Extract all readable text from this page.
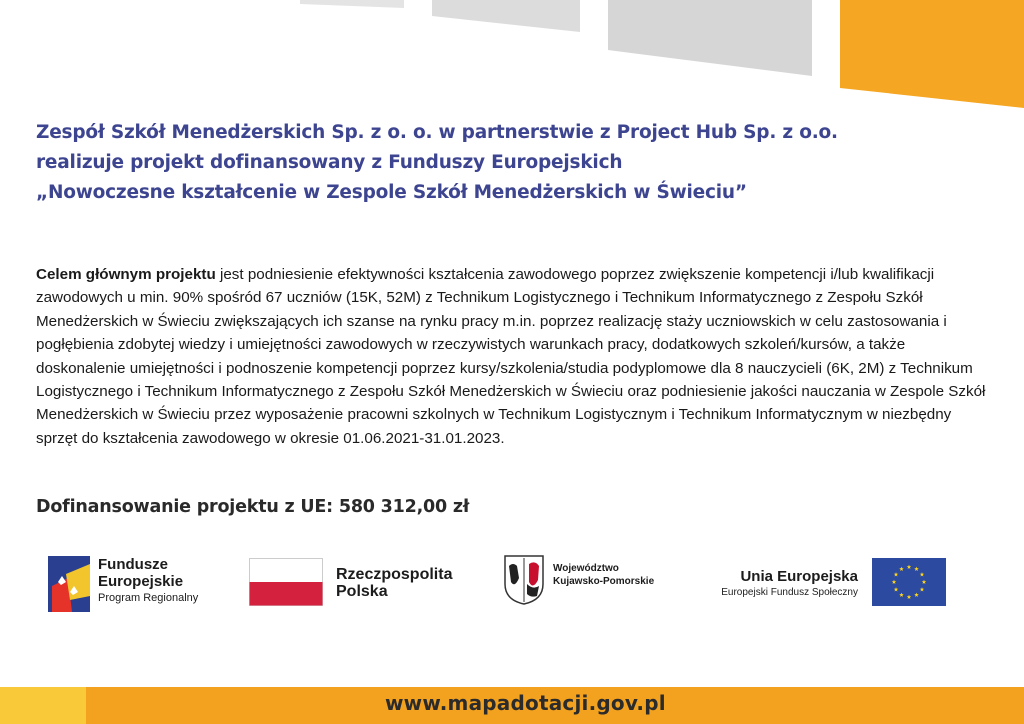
Zespół Szkół Menedżerskich Sp. z o. o. w partnerstwie z Project Hub Sp. z o.o.
realizuje projekt dofinansowany z Funduszy Europejskich
„Nowoczesne kształcenie w Zespole Szkół Menedżerskich w Świeciu”
Celem głównym projektu jest podniesienie efektywności kształcenia zawodowego poprzez zwiększenie kompetencji i/lub kwalifikacji zawodowych u min. 90% spośród 67 uczniów (15K, 52M) z Technikum Logistycznego i Technikum Informatycznego z Zespołu Szkół Menedżerskich w Świeciu zwiększających ich szanse na rynku pracy m.in. poprzez realizację staży uczniowskich w celu zastosowania i pogłębienia zdobytej wiedzy i umiejętności zawodowych w rzeczywistych warunkach pracy, dodatkowych szkoleń/kursów, a także doskonalenie umiejętności i podnoszenie kompetencji poprzez kursy/szkolenia/studia podyplomowe dla 8 nauczycieli (6K, 2M) z Technikum Logistycznego i Technikum Informatycznego z Zespołu Szkół Menedżerskich w Świeciu oraz podniesienie jakości nauczania w Zespole Szkół Menedżerskich w Świeciu przez wyposażenie pracowni szkolnych w Technikum Logistycznym i Technikum Informatycznym w niezbędny sprzęt do kształcenia zawodowego w okresie 01.06.2021-31.01.2023.
Dofinansowanie projektu z UE: 580 312,00 zł
Fundusze
Europejskie
Program Regionalny
Rzeczpospolita
Polska
Województwo
Kujawsko-Pomorskie	Unia Europejska
Europejski Fundusz Społeczny
www.mapadotacji.gov.pl
